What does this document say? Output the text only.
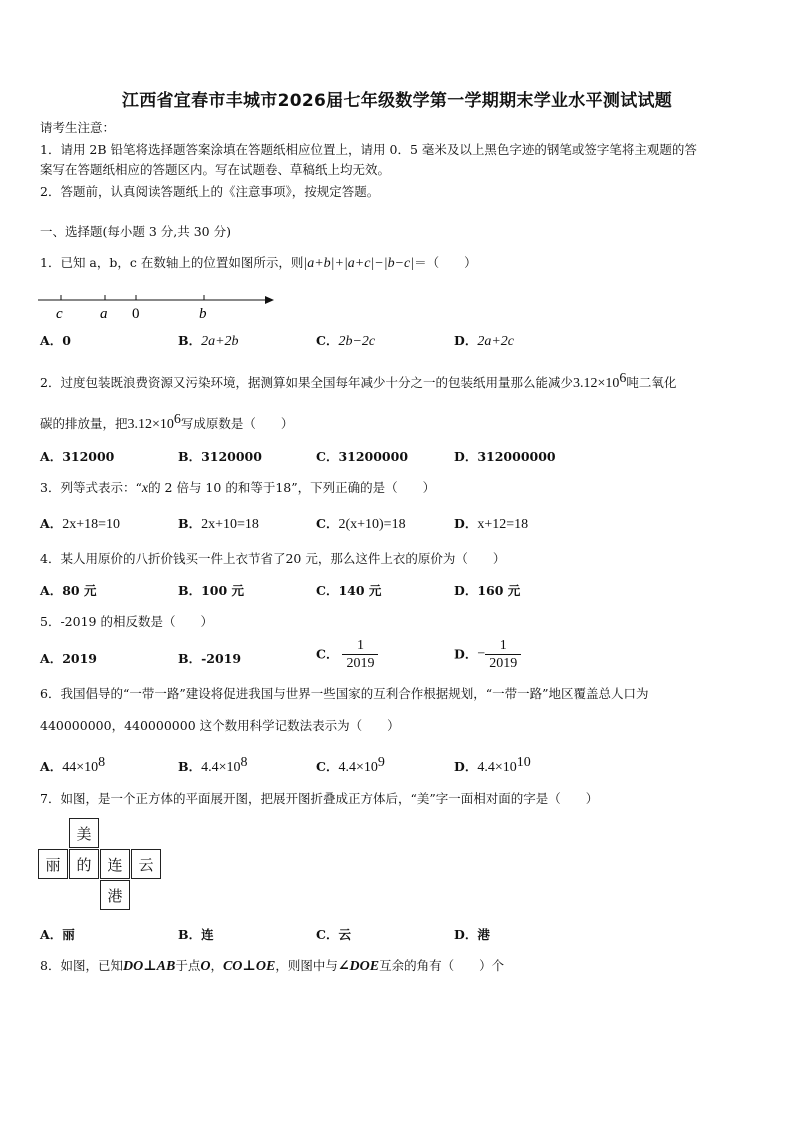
江西省宜春市丰城市2026届七年级数学第一学期期末学业水平测试试题
请考生注意：
1．请用 2B 铅笔将选择题答案涂填在答题纸相应位置上，请用 0．5 毫米及以上黑色字迹的钢笔或签字笔将主观题的答
案写在答题纸相应的答题区内。写在试题卷、草稿纸上均无效。
2．答题前，认真阅读答题纸上的《注意事项》，按规定答题。
一、选择题(每小题 3 分,共 30 分)
1．已知 a，b，c 在数轴上的位置如图所示，则|a+b|+|a+c|−|b−c|＝（　　）
c a 0	b
A．0	B．2a+2b	C．2b−2c	D．2a+2c
2．过度包装既浪费资源又污染环境，据测算如果全国每年减少十分之一的包装纸用量那么能减少$3.12\times 10^6$吨二氧化
碳的排放量，把$3.12\times 10^6$写成原数是（　　）
A．312000	B．3120000	C．31200000	D．312000000
3．列等式表示：“x的 2 倍与 10 的和等于18”，下列正确的是（　　）
A．2x+18=10	B．2x+10=18	C．2(x+10)=18	D．x+12=18
4．某人用原价的八折价钱买一件上衣节省了20 元，那么这件上衣的原价为（　　）
A．80 元	B．100 元	C．140 元	D．160 元
5．-2019 的相反数是（　　）
A．2019	B．-2019	C． $\frac{1}{2019}$	D．− $\frac{1}{2019}$
6．我国倡导的“一带一路”建设将促进我国与世界一些国家的互利合作根据规划，“一带一路”地区覆盖总人口为
440000000，440000000 这个数用科学记数法表示为（　　）
A．$44\times 10^8$	B．$4.4\times 10^8$	C．$4.4\times 10^9$	D．$4.4\times 10^{10}$
7．如图，是一个正方体的平面展开图，把展开图折叠成正方体后，“美”字一面相对面的字是（　　）
美
丽	的	连	云
港
A．丽	B．连	C．云	D．港
8．如图，已知DO⊥AB于点O，CO⊥OE，则图中与∠DOE互余的角有（　　）个
